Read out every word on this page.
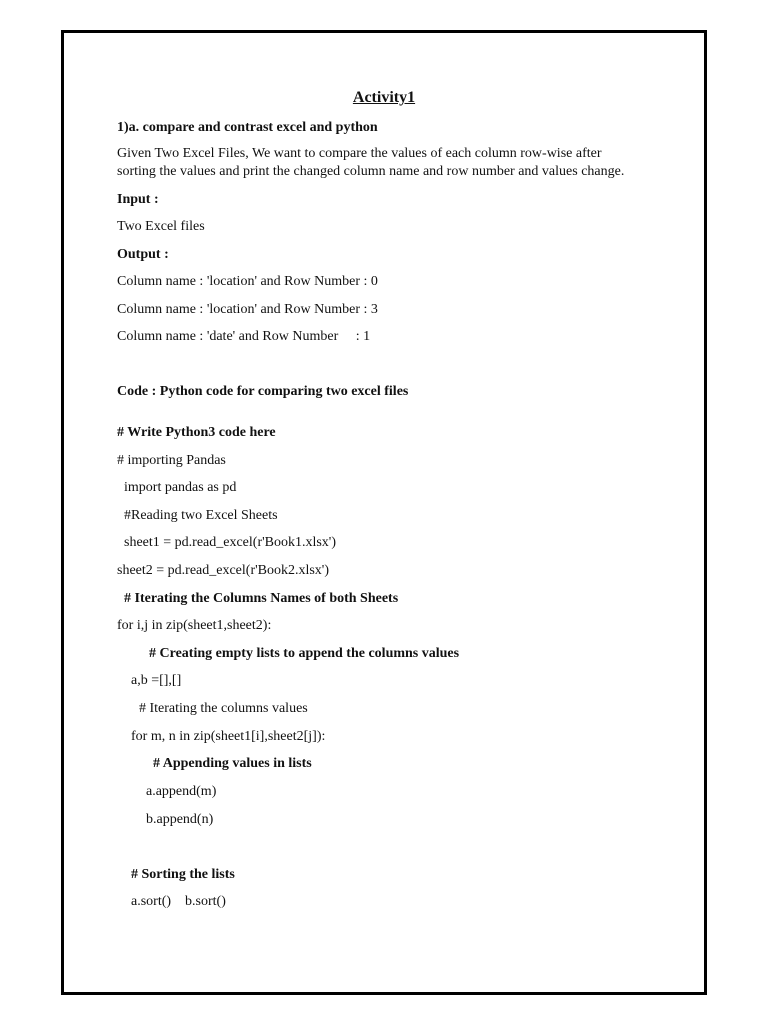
Activity1
1)a. compare and contrast excel and python
Given Two Excel Files, We want to compare the values of each column row-wise after
sorting the values and print the changed column name and row number and values change.
Input :
Two Excel files
Output :
Column name : 'location' and Row Number : 0
Column name : 'location' and Row Number : 3
Column name : 'date' and Row Number     : 1
Code : Python code for comparing two excel files
# Write Python3 code here
# importing Pandas
import pandas as pd
#Reading two Excel Sheets
sheet1 = pd.read_excel(r'Book1.xlsx')
sheet2 = pd.read_excel(r'Book2.xlsx')
# Iterating the Columns Names of both Sheets
for i,j in zip(sheet1,sheet2):
# Creating empty lists to append the columns values
a,b =[],[]
# Iterating the columns values
for m, n in zip(sheet1[i],sheet2[j]):
# Appending values in lists
a.append(m)
b.append(n)
# Sorting the lists
a.sort()    b.sort()
